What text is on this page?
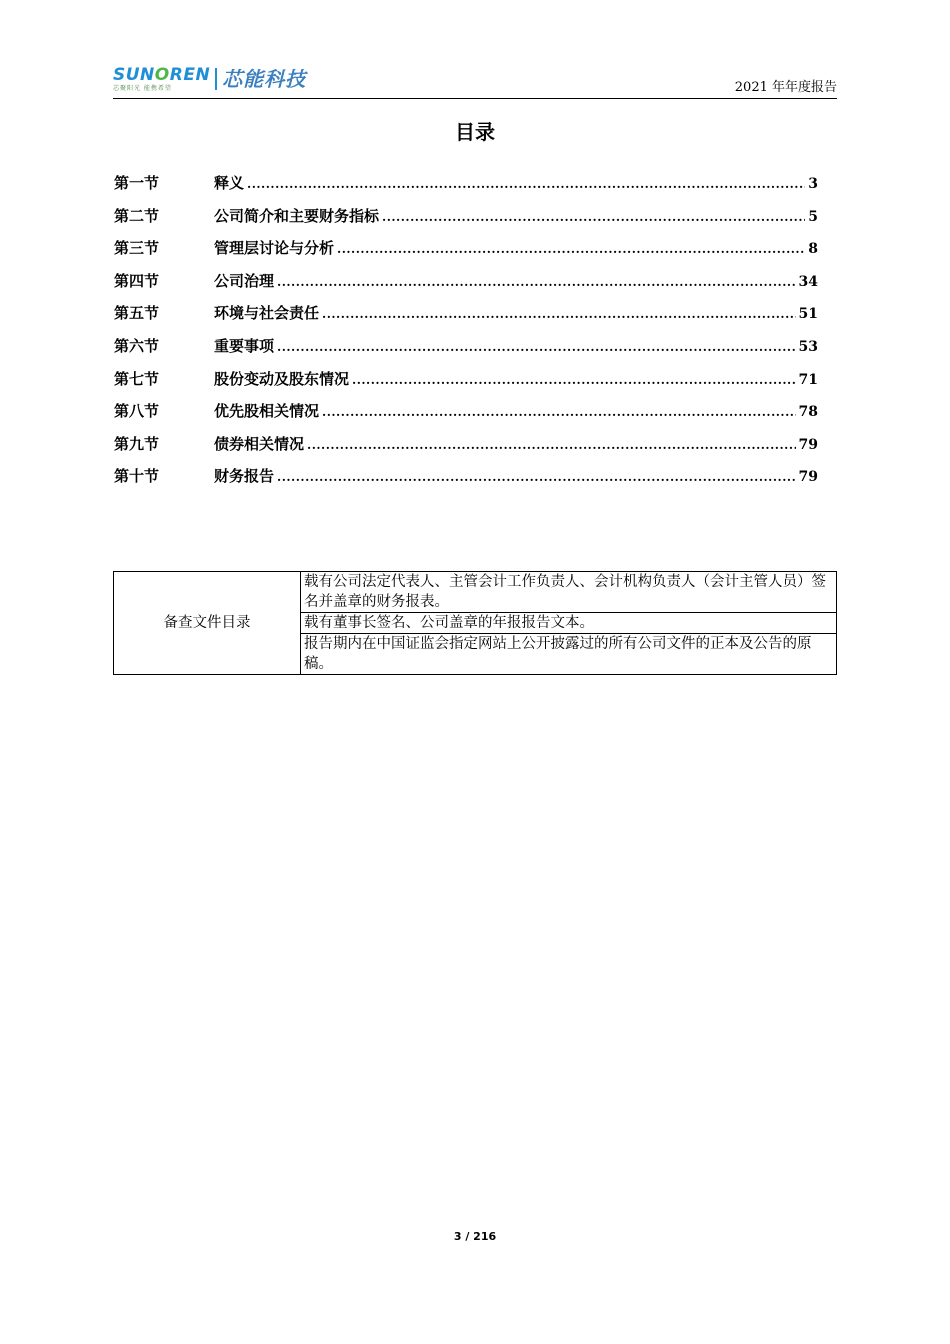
SUNOREN
芯聚阳光 能携希望	芯能科技	2021 年年度报告
目录
第一节	释义 .....	3
第二节	公司简介和主要财务指标 .....	5
第三节	管理层讨论与分析 .....	8
第四节	公司治理 .....	34
第五节	环境与社会责任 .....	51
第六节	重要事项 .....	53
第七节	股份变动及股东情况 .....	71
第八节	优先股相关情况 .....	78
第九节	债券相关情况 .....	79
第十节	财务报告 .....	79
备查文件目录	载有公司法定代表人、主管会计工作负责人、会计机构负责人（会计主管人员）签名并盖章的财务报表。
载有董事长签名、公司盖章的年报报告文本。
报告期内在中国证监会指定网站上公开披露过的所有公司文件的正本及公告的原稿。
3 / 216
